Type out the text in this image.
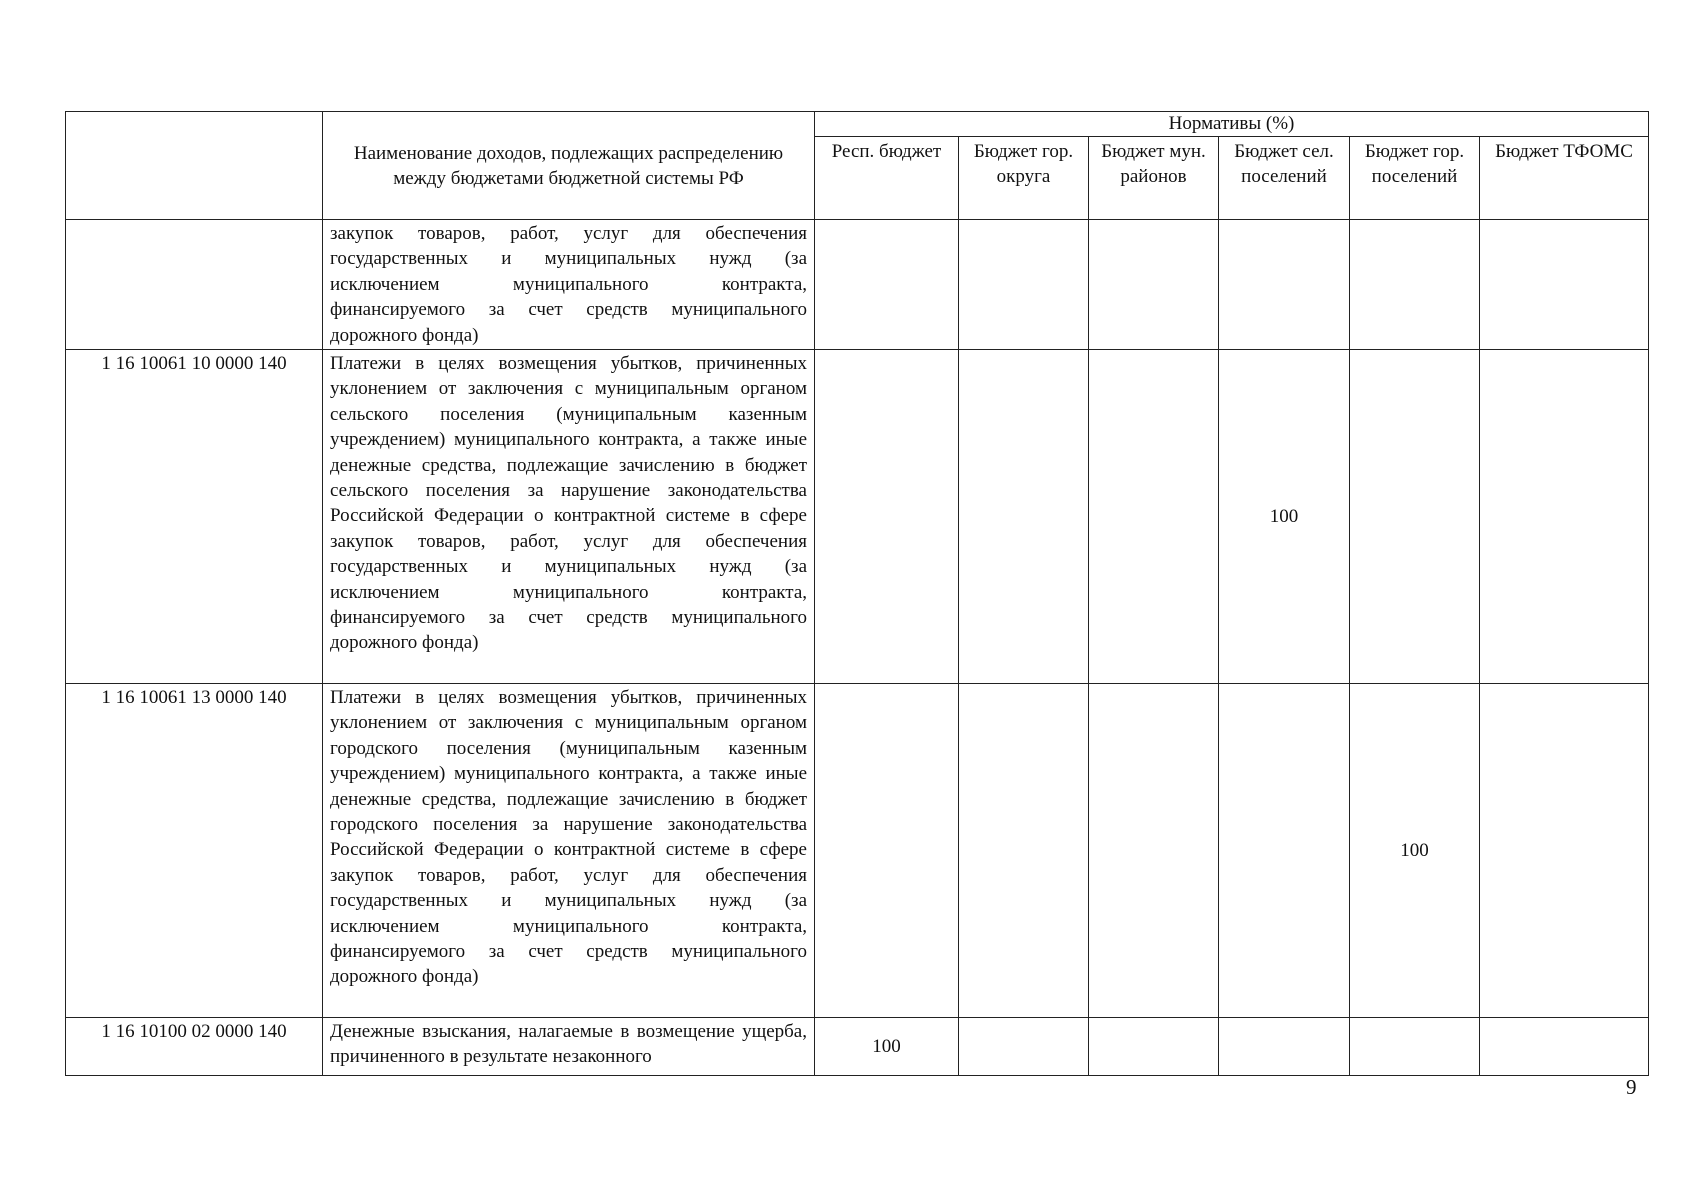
	Наименование доходов, подлежащих распределению между бюджетами бюджетной системы РФ	Нормативы (%)					
		Респ. бюджет	Бюджет гор. округа	Бюджет мун. районов	Бюджет сел. поселений	Бюджет гор. поселений	Бюджет ТФОМС

	закупок товаров, работ, услуг для обеспечения государственных и муниципальных нужд (за исключением муниципального контракта, финансируемого за счет средств муниципального дорожного фонда)						

1 16 10061 10 0000 140	Платежи в целях возмещения убытков, причиненных уклонением от заключения с муниципальным органом сельского поселения (муниципальным казенным учреждением) муниципального контракта, а также иные денежные средства, подлежащие зачислению в бюджет сельского поселения за нарушение законодательства Российской Федерации о контрактной системе в сфере закупок товаров, работ, услуг для обеспечения государственных и муниципальных нужд (за исключением муниципального контракта, финансируемого за счет средств муниципального дорожного фонда)				100		
1 16 10061 13 0000 140	Платежи в целях возмещения убытков, причиненных уклонением от заключения с муниципальным органом городского поселения (муниципальным казенным учреждением) муниципального контракта, а также иные денежные средства, подлежащие зачислению в бюджет городского поселения за нарушение законодательства Российской Федерации о контрактной системе в сфере закупок товаров, работ, услуг для обеспечения государственных и муниципальных нужд (за исключением муниципального контракта, финансируемого за счет средств муниципального дорожного фонда)					100	
1 16 10100 02 0000 140	Денежные взыскания, налагаемые в возмещение ущерба, причиненного в результате незаконного	100					
9
